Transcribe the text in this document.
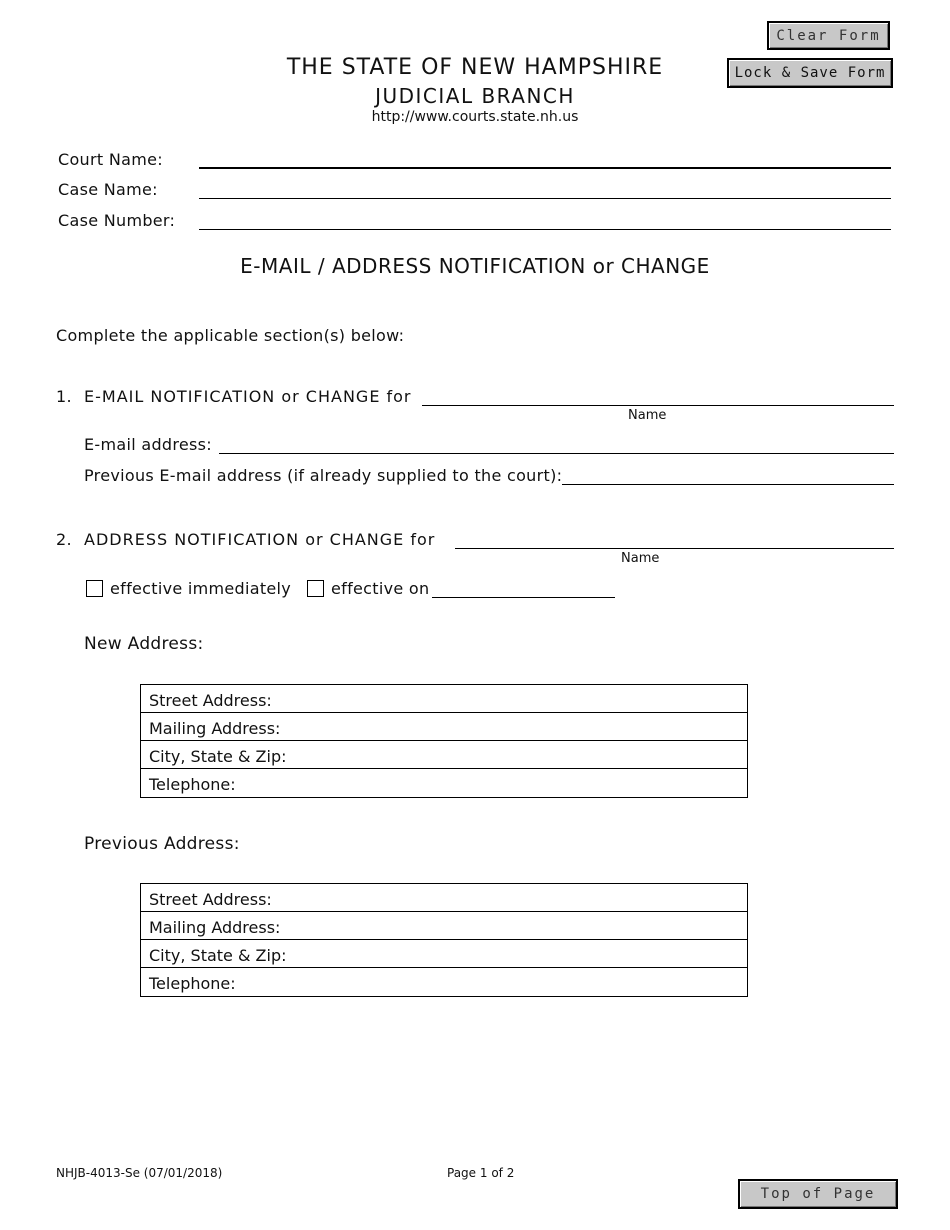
Clear Form
Lock & Save Form
THE STATE OF NEW HAMPSHIRE
JUDICIAL BRANCH
http://www.courts.state.nh.us
Court Name:
Case Name:
Case Number:
E-MAIL / ADDRESS NOTIFICATION or CHANGE
Complete the applicable section(s) below:
1. E-MAIL NOTIFICATION or CHANGE for
Name
E-mail address:
Previous E-mail address (if already supplied to the court):
2. ADDRESS NOTIFICATION or CHANGE for
Name
effective immediately effective on
New Address:
Street Address:
Mailing Address:
City, State & Zip:
Telephone:
Previous Address:
Street Address:
Mailing Address:
City, State & Zip:
Telephone:
NHJB-4013-Se (07/01/2018)	Page 1 of 2
Top of Page
